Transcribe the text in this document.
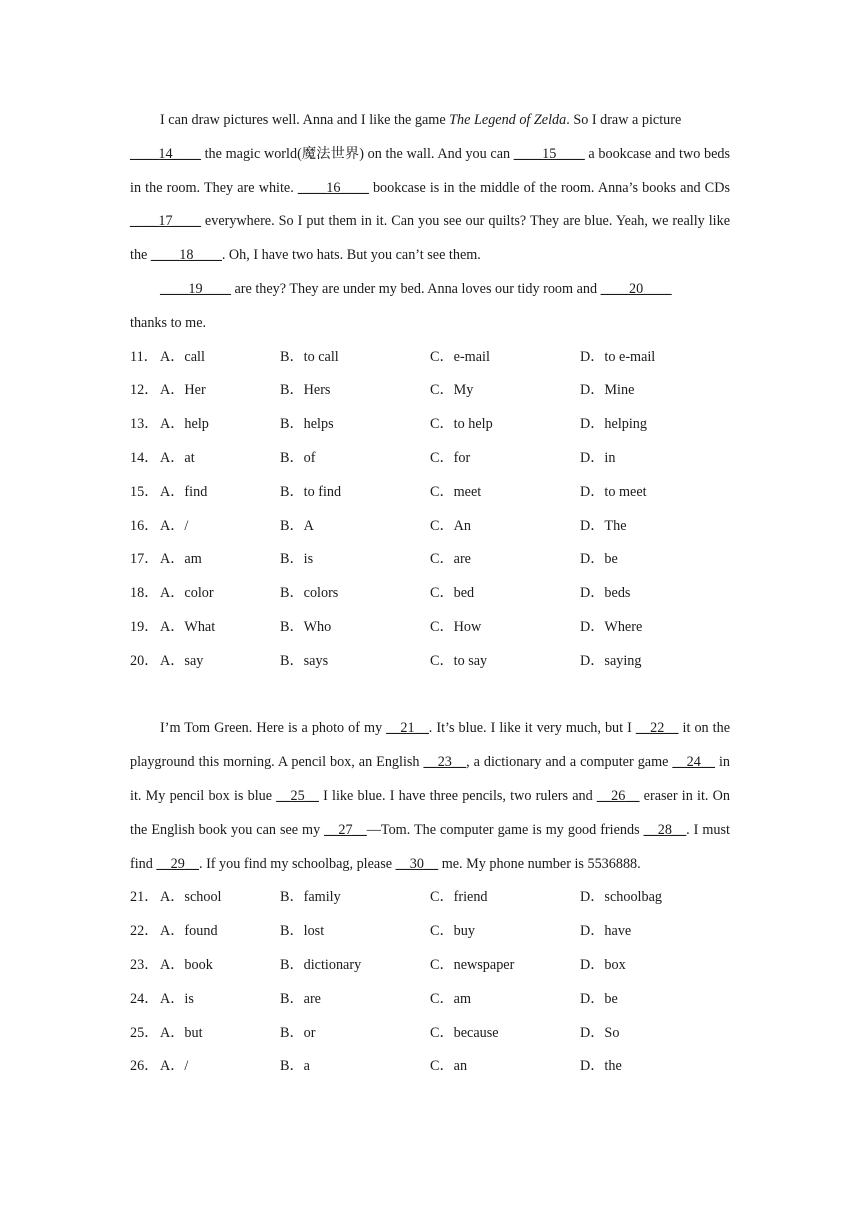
I can draw pictures well. Anna and I like the game The Legend of Zelda. So I draw a picture
____14____ the magic world(魔法世界) on the wall. And you can ____15____ a bookcase and two beds in the room. They are white. ____16____ bookcase is in the middle of the room. Anna’s books and CDs ____17____ everywhere. So I put them in it. Can you see our quilts? They are blue. Yeah, we really like the ____18____. Oh, I have two hats. But you can’t see them.

____19____ are they? They are under my bed. Anna loves our tidy room and ____20____
thanks to me.

11． A．call	B．to call	C．e-mail	D．to e-mail
12． A．Her	B．Hers	C．My	D．Mine
13． A．help	B．helps	C．to help	D．helping
14． A．at	B．of	C．for	D．in
15． A．find	B．to find	C．meet	D．to meet
16． A．/	B．A	C．An	D．The
17． A．am	B．is	C．are	D．be
18． A．color	B．colors	C．bed	D．beds
19． A．What	B．Who	C．How	D．Where
20． A．say	B．says	C．to say	D．saying

I’m Tom Green. Here is a photo of my __21__. It’s blue. I like it very much, but I __22__ it on the playground this morning. A pencil box, an English __23__, a dictionary and a computer game __24__ in it. My pencil box is blue __25__ I like blue. I have three pencils, two rulers and __26__ eraser in it. On the English book you can see my __27__—Tom. The computer game is my good friends __28__. I must find __29__. If you find my schoolbag, please __30__ me. My phone number is 5536888.

21． A．school	B．family	C．friend	D．schoolbag
22． A．found	B．lost	C．buy	D．have
23． A．book	B．dictionary	C．newspaper	D．box
24． A．is	B．are	C．am	D．be
25． A．but	B．or	C．because	D．So
26． A．/	B．a	C．an	D．the
